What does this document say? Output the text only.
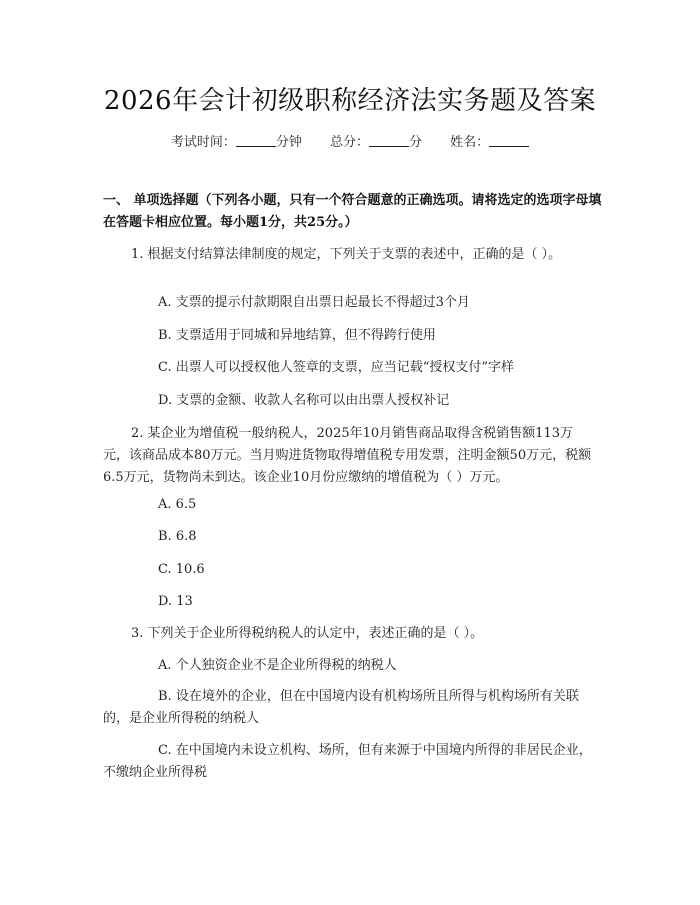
2026年会计初级职称经济法实务题及答案
考试时间：	分钟 总分：	分 姓名：
一、 单项选择题（下列各小题，只有一个符合题意的正确选项。请将选定的选项字母填在答题卡相应位置。每小题1分，共25分。）
1. 根据支付结算法律制度的规定，下列关于支票的表述中，正确的是（ ）。
A. 支票的提示付款期限自出票日起最长不得超过3个月
B. 支票适用于同城和异地结算，但不得跨行使用
C. 出票人可以授权他人签章的支票，应当记载“授权支付”字样
D. 支票的金额、收款人名称可以由出票人授权补记
2. 某企业为增值税一般纳税人，2025年10月销售商品取得含税销售额113万元，该商品成本80万元。当月购进货物取得增值税专用发票，注明金额50万元，税额6.5万元，货物尚未到达。该企业10月份应缴纳的增值税为（ ）万元。
A. 6.5
B. 6.8
C. 10.6
D. 13
3. 下列关于企业所得税纳税人的认定中，表述正确的是（ ）。
A. 个人独资企业不是企业所得税的纳税人
B. 设在境外的企业，但在中国境内设有机构场所且所得与机构场所有关联的，是企业所得税的纳税人
C. 在中国境内未设立机构、场所，但有来源于中国境内所得的非居民企业，不缴纳企业所得税
